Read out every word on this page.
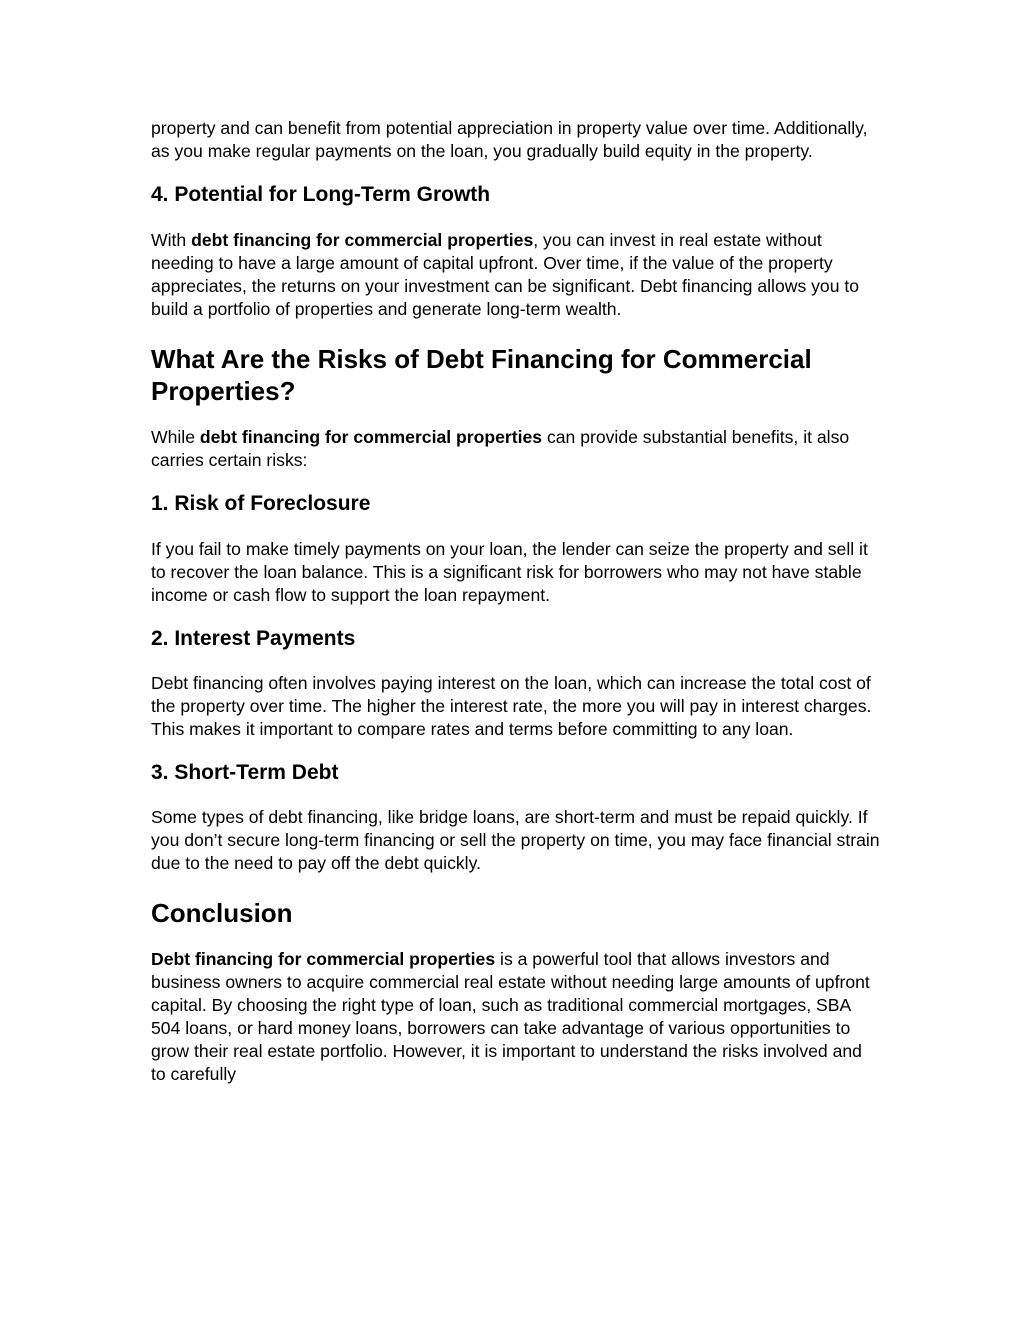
property and can benefit from potential appreciation in property value over time. Additionally, as you make regular payments on the loan, you gradually build equity in the property.

4. Potential for Long-Term Growth

With debt financing for commercial properties, you can invest in real estate without needing to have a large amount of capital upfront. Over time, if the value of the property appreciates, the returns on your investment can be significant. Debt financing allows you to build a portfolio of properties and generate long-term wealth.

What Are the Risks of Debt Financing for Commercial Properties?

While debt financing for commercial properties can provide substantial benefits, it also carries certain risks:

1. Risk of Foreclosure

If you fail to make timely payments on your loan, the lender can seize the property and sell it to recover the loan balance. This is a significant risk for borrowers who may not have stable income or cash flow to support the loan repayment.

2. Interest Payments

Debt financing often involves paying interest on the loan, which can increase the total cost of the property over time. The higher the interest rate, the more you will pay in interest charges. This makes it important to compare rates and terms before committing to any loan.

3. Short-Term Debt

Some types of debt financing, like bridge loans, are short-term and must be repaid quickly. If you don’t secure long-term financing or sell the property on time, you may face financial strain due to the need to pay off the debt quickly.

Conclusion

Debt financing for commercial properties is a powerful tool that allows investors and business owners to acquire commercial real estate without needing large amounts of upfront capital. By choosing the right type of loan, such as traditional commercial mortgages, SBA 504 loans, or hard money loans, borrowers can take advantage of various opportunities to grow their real estate portfolio. However, it is important to understand the risks involved and to carefully
